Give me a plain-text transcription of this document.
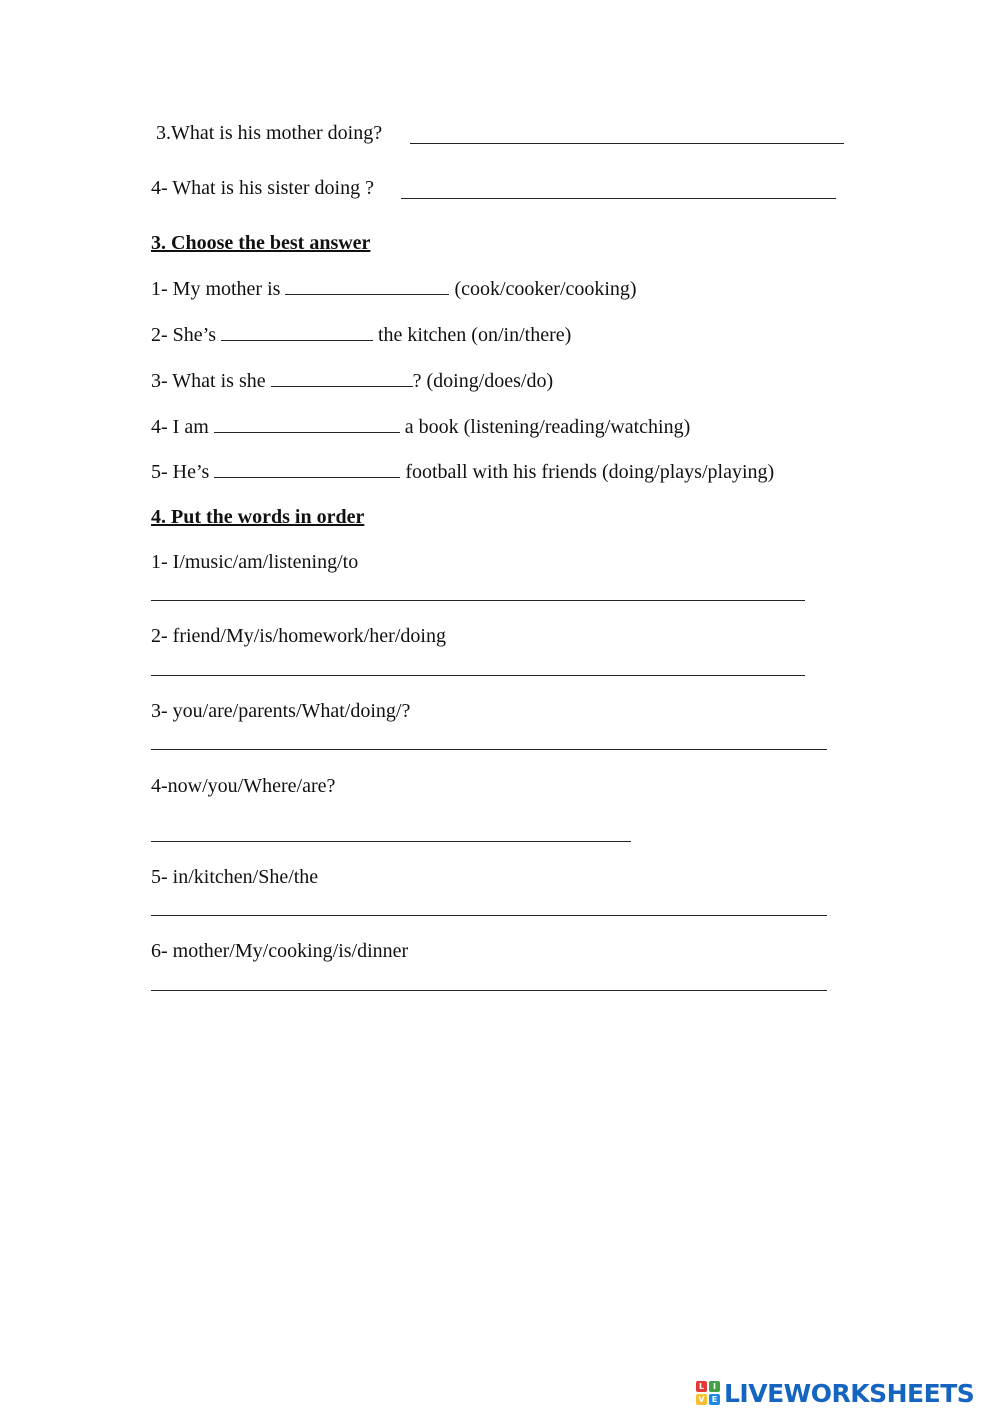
3.What is his mother doing?
4- What is his sister doing ?
3. Choose the best answer
1- My mother is	(cook/cooker/cooking)
2- She’s	the kitchen (on/in/there)
3- What is she	? (doing/does/do)
4- I am	a book (listening/reading/watching)
5- He’s	football with his friends (doing/plays/playing)
4. Put the words in order
1- I/music/am/listening/to
2- friend/My/is/homework/her/doing
3- you/are/parents/What/doing/?
4-now/you/Where/are?
5- in/kitchen/She/the
6- mother/My/cooking/is/dinner
L	I
V E LIVEWORKSHEETS
